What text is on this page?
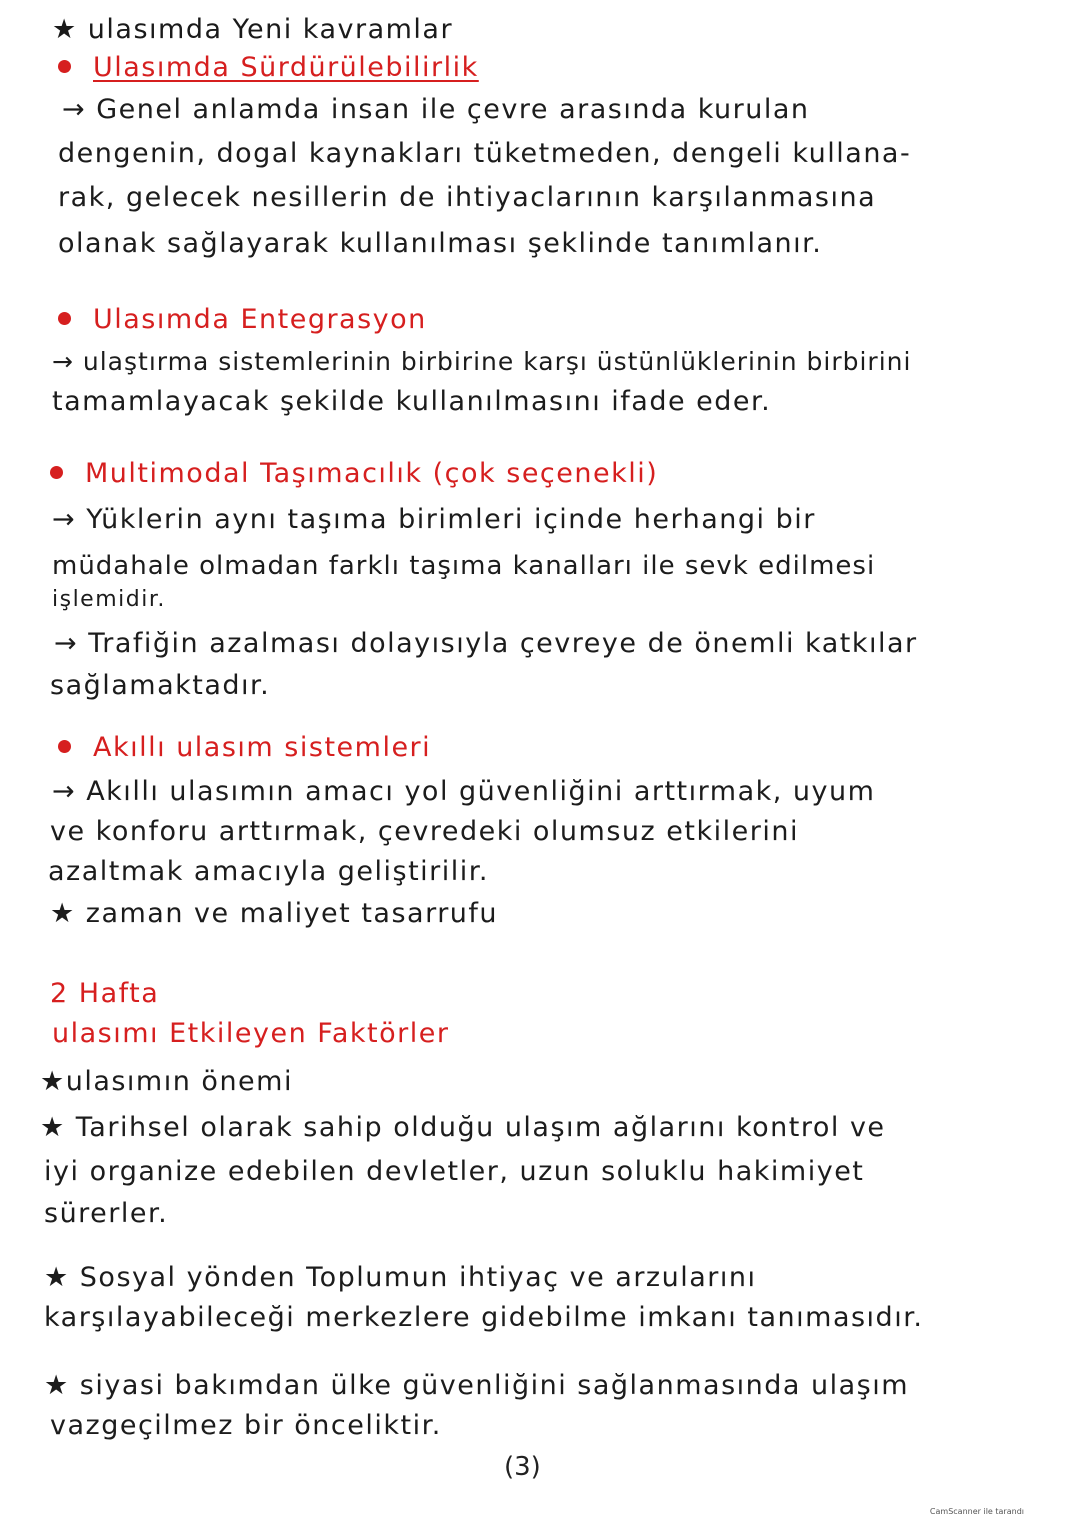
★ ulasımda Yeni kavramlar
Ulasımda Sürdürülebilirlik
→ Genel anlamda insan ile çevre arasında kurulan
dengenin, dogal kaynakları tüketmeden, dengeli kullana-
rak, gelecek nesillerin de ihtiyaclarının karşılanmasına
olanak sağlayarak kullanılması şeklinde tanımlanır.
Ulasımda Entegrasyon
→ ulaştırma sistemlerinin birbirine karşı üstünlüklerinin birbirini
tamamlayacak şekilde kullanılmasını ifade eder.
Multimodal Taşımacılık (çok seçenekli)
→ Yüklerin aynı taşıma birimleri içinde herhangi bir
müdahale olmadan farklı taşıma kanalları ile sevk edilmesi
işlemidir.
→ Trafiğin azalması dolayısıyla çevreye de önemli katkılar
sağlamaktadır.
Akıllı ulasım sistemleri
→ Akıllı ulasımın amacı yol güvenliğini arttırmak, uyum
ve konforu arttırmak, çevredeki olumsuz etkilerini
azaltmak amacıyla geliştirilir.
★ zaman ve maliyet tasarrufu
2 Hafta
ulasımı Etkileyen Faktörler
★ulasımın önemi
★ Tarihsel olarak sahip olduğu ulaşım ağlarını kontrol ve
iyi organize edebilen devletler, uzun soluklu hakimiyet
sürerler.
★ Sosyal yönden Toplumun ihtiyaç ve arzularını
karşılayabileceği merkezlere gidebilme imkanı tanımasıdır.
★ siyasi bakımdan ülke güvenliğini sağlanmasında ulaşım
vazgeçilmez bir önceliktir.
(3)
CamScanner ile tarandı
